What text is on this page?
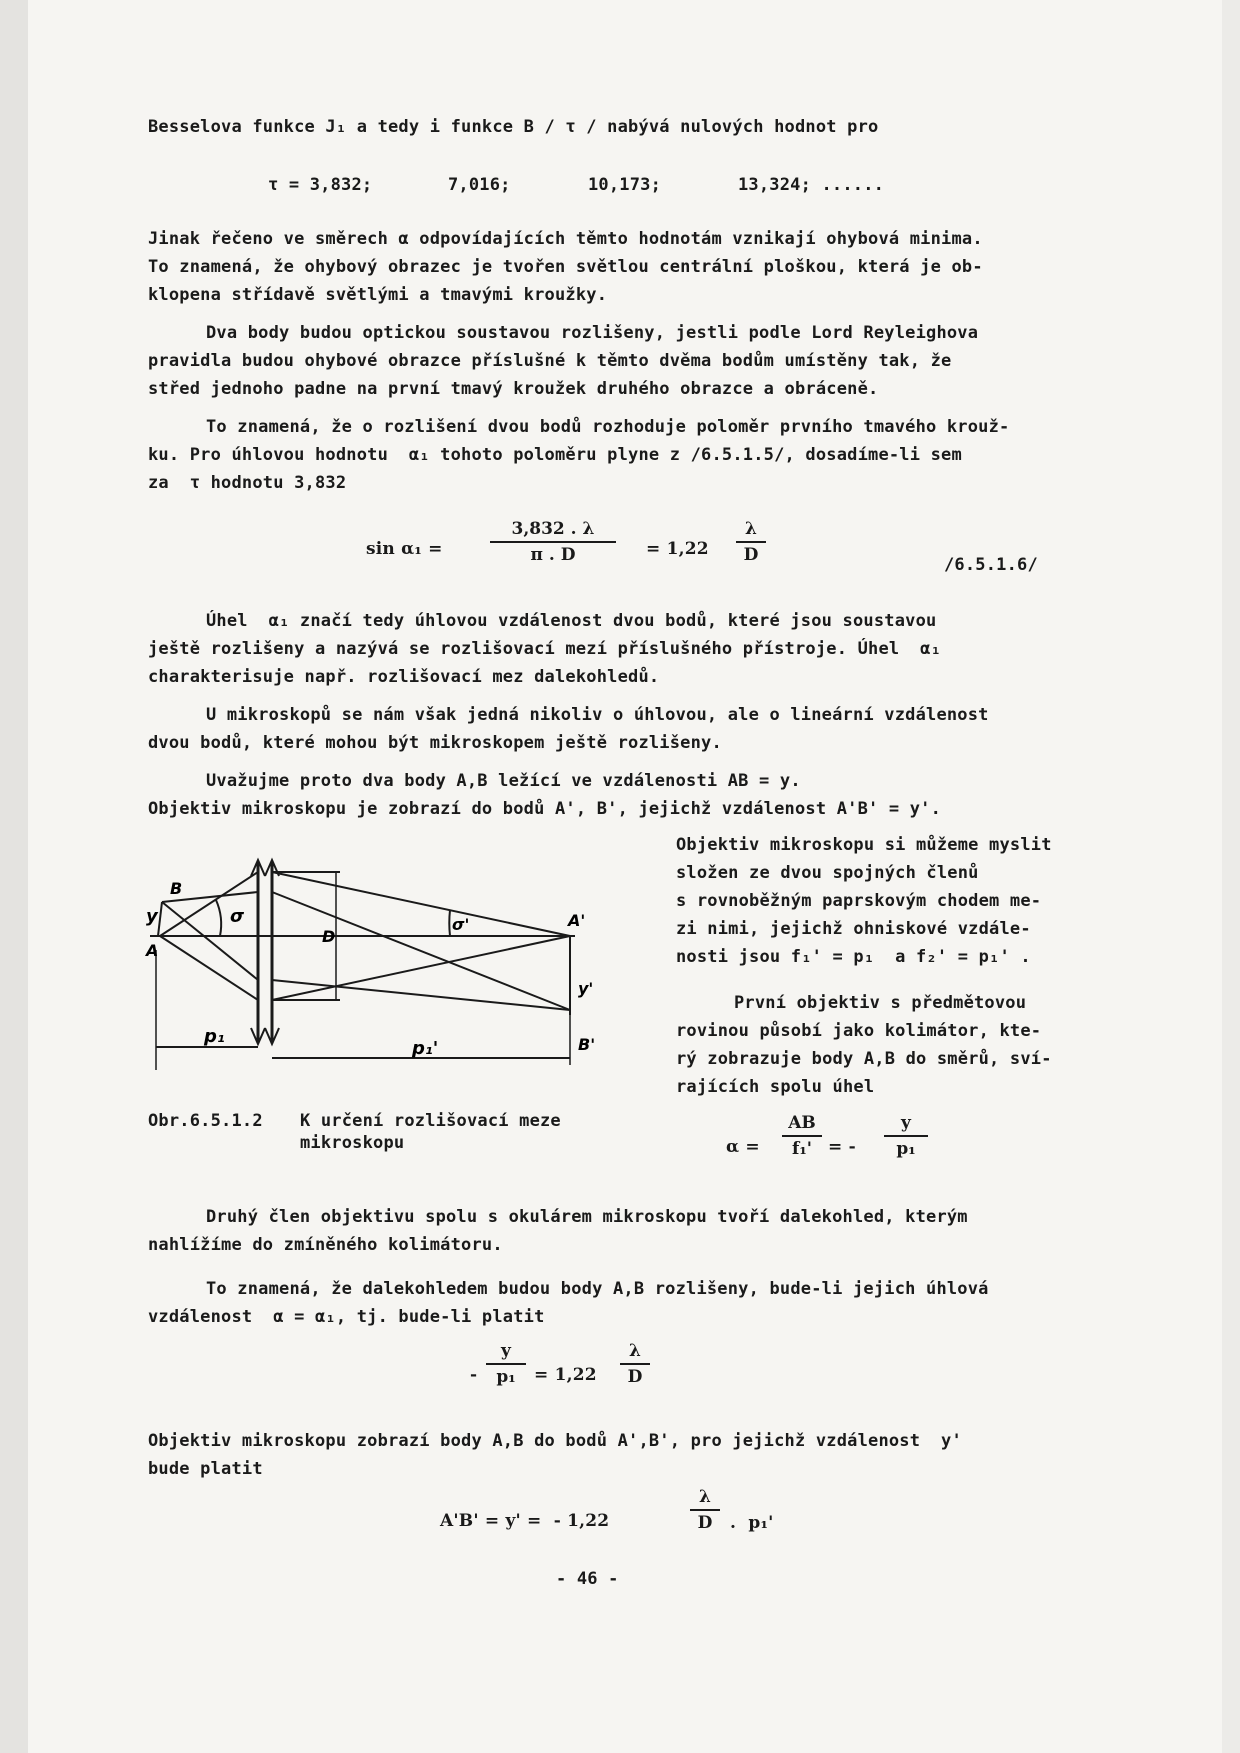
Besselova funkce J₁ a tedy i funkce B / τ / nabývá nulových hodnot pro
τ = 3,832;	7,016;	10,173;	13,324; ......
Jinak řečeno ve směrech α odpovídajících těmto hodnotám vznikají ohybová minima.
To znamená, že ohybový obrazec je tvořen světlou centrální ploškou, která je ob-
klopena střídavě světlými a tmavými kroužky.
Dva body budou optickou soustavou rozlišeny, jestli podle Lord Reyleighova
pravidla budou ohybové obrazce příslušné k těmto dvěma bodům umístěny tak, že
střed jednoho padne na první tmavý kroužek druhého obrazce a obráceně.
To znamená, že o rozlišení dvou bodů rozhoduje poloměr prvního tmavého krouž-
ku. Pro úhlovou hodnotu  α₁ tohoto poloměru plyne z /6.5.1.5/, dosadíme-li sem
za  τ hodnotu 3,832
sin α₁ =
3,832 . λ
π . D	= 1,22
λ
D	/6.5.1.6/
Úhel  α₁ značí tedy úhlovou vzdálenost dvou bodů, které jsou soustavou
ještě rozlišeny a nazývá se rozlišovací mezí příslušného přístroje. Úhel  α₁
charakterisuje např. rozlišovací mez dalekohledů.
U mikroskopů se nám však jedná nikoliv o úhlovou, ale o lineární vzdálenost
dvou bodů, které mohou být mikroskopem ještě rozlišeny.
Uvažujme proto dva body A,B ležící ve vzdálenosti AB = y.
Objektiv mikroskopu je zobrazí do bodů A', B', jejichž vzdálenost A'B' = y'.
Objektiv mikroskopu si můžeme myslit
složen ze dvou spojných členů
s rovnoběžným paprskovým chodem me-
zi nimi, jejichž ohniskové vzdále-
nosti jsou f₁' = p₁  a f₂' = p₁' .
První objektiv s předmětovou
rovinou působí jako kolimátor, kte-
rý zobrazuje body A,B do směrů, sví-
rajících spolu úhel
α =
AB
f₁' = -
y
p₁
B
y
A
σ
D
σ'	A'
y'
B'
p₁
p₁'
Obr.6.5.1.2 K určení rozlišovací meze
mikroskopu
Druhý člen objektivu spolu s okulárem mikroskopu tvoří dalekohled, kterým
nahlížíme do zmíněného kolimátoru.
To znamená, že dalekohledem budou body A,B rozlišeny, bude-li jejich úhlová
vzdálenost  α = α₁, tj. bude-li platit
-
y
p₁	= 1,22
λ
D
Objektiv mikroskopu zobrazí body A,B do bodů A',B', pro jejichž vzdálenost  y'
bude platit
A'B' = y' =  - 1,22
λ
D	.  p₁'
- 46 -
